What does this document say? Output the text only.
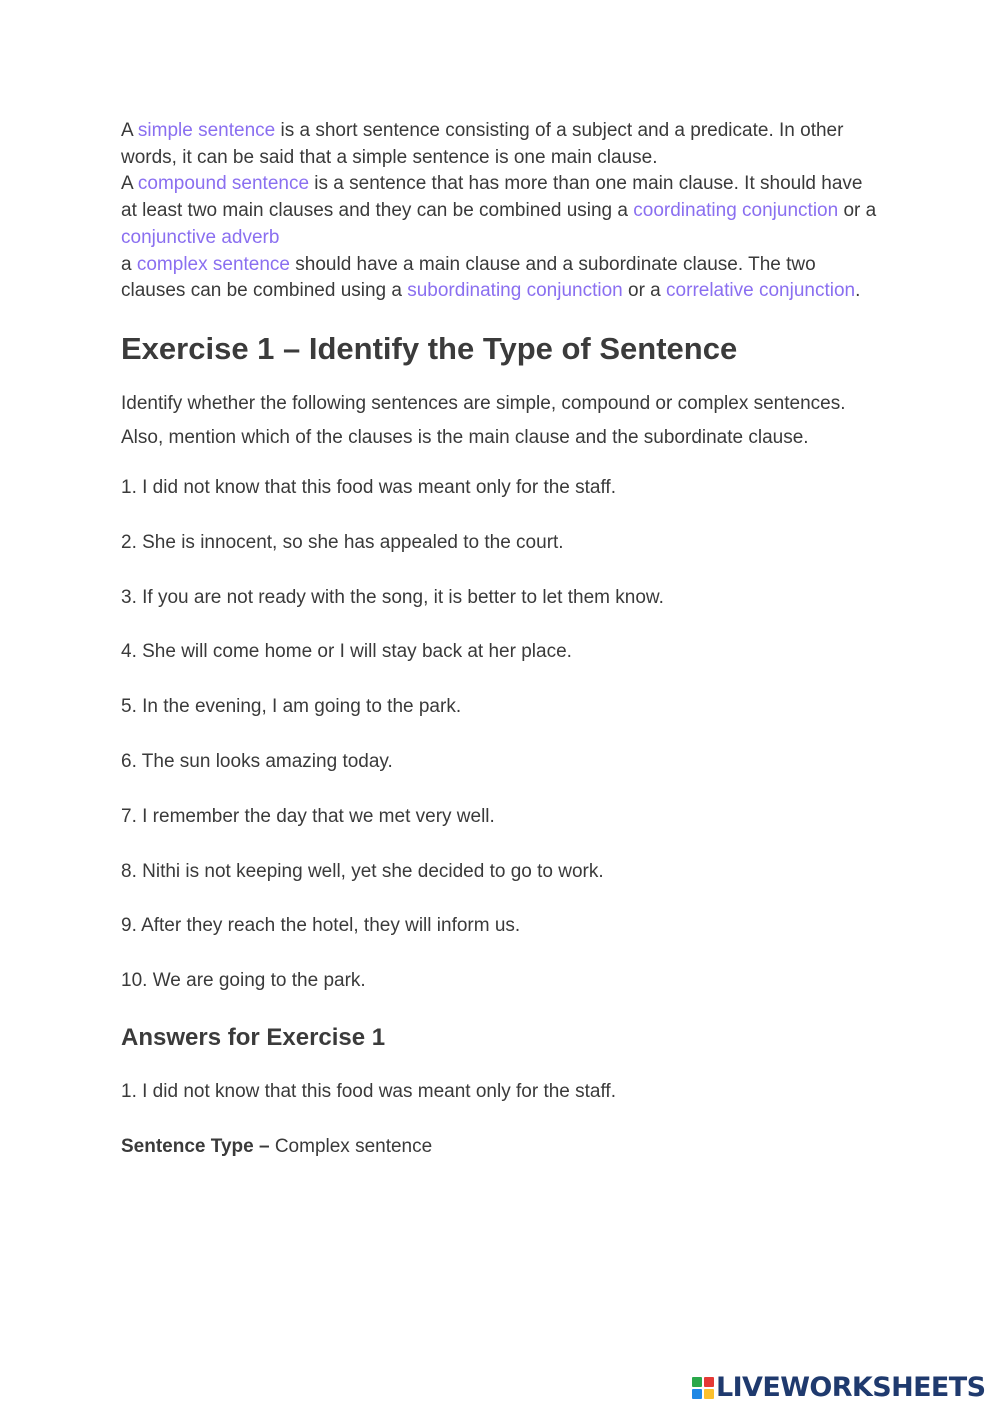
A simple sentence is a short sentence consisting of a subject and a predicate. In other words, it can be said that a simple sentence is one main clause.

A compound sentence is a sentence that has more than one main clause. It should have at least two main clauses and they can be combined using a coordinating conjunction or a conjunctive adverb

a complex sentence should have a main clause and a subordinate clause. The two clauses can be combined using a subordinating conjunction or a correlative conjunction.

Exercise 1 – Identify the Type of Sentence

Identify whether the following sentences are simple, compound or complex sentences. Also, mention which of the clauses is the main clause and the subordinate clause.

1. I did not know that this food was meant only for the staff.
2. She is innocent, so she has appealed to the court.
3. If you are not ready with the song, it is better to let them know.
4. She will come home or I will stay back at her place.
5. In the evening, I am going to the park.
6. The sun looks amazing today.
7. I remember the day that we met very well.
8. Nithi is not keeping well, yet she decided to go to work.
9. After they reach the hotel, they will inform us.
10. We are going to the park.
Answers for Exercise 1

1. I did not know that this food was meant only for the staff.

Sentence Type – Complex sentence

LIVEWORKSHEETS
